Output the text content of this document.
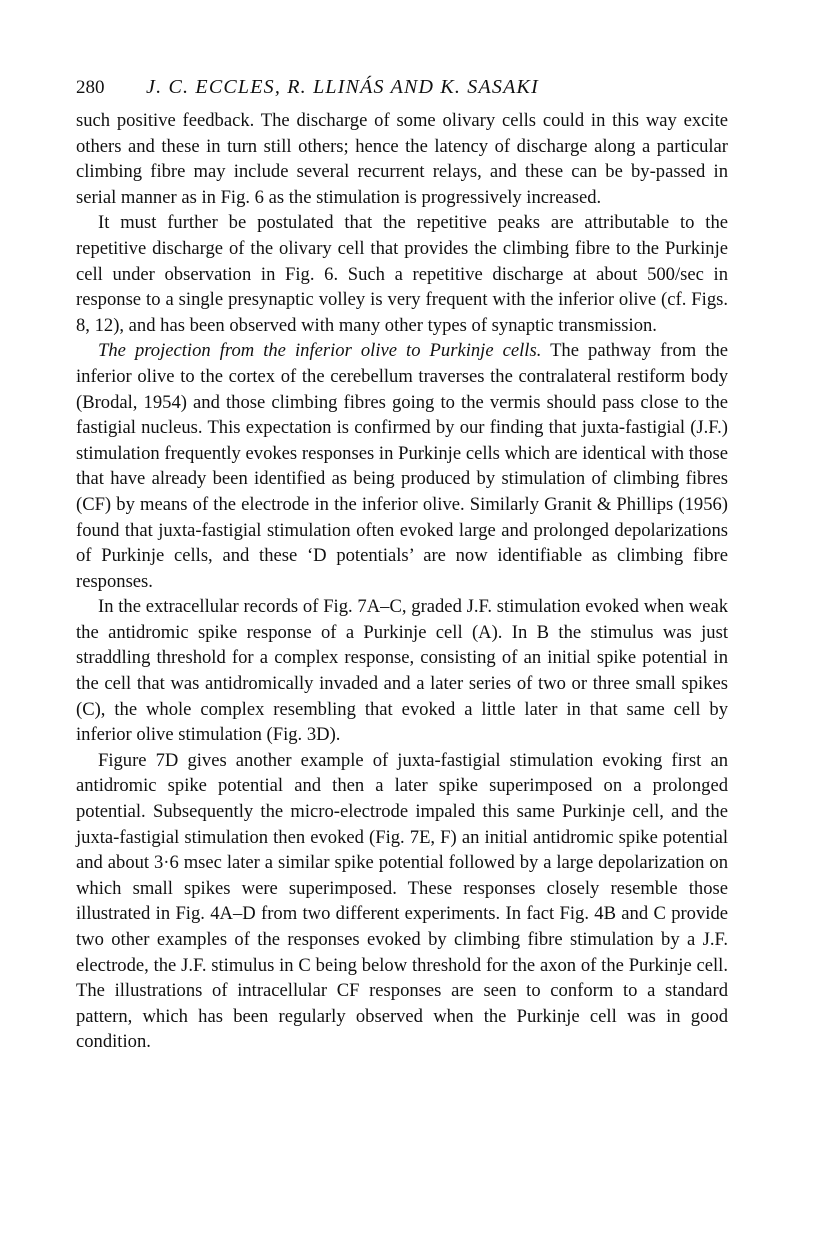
280	J. C. ECCLES, R. LLINÁS AND K. SASAKI

such positive feedback. The discharge of some olivary cells could in this way excite others and these in turn still others; hence the latency of discharge along a particular climbing fibre may include several recurrent relays, and these can be by-passed in serial manner as in Fig. 6 as the stimulation is progressively increased.

It must further be postulated that the repetitive peaks are attributable to the repetitive discharge of the olivary cell that provides the climbing fibre to the Purkinje cell under observation in Fig. 6. Such a repetitive discharge at about 500/sec in response to a single presynaptic volley is very frequent with the inferior olive (cf. Figs. 8, 12), and has been observed with many other types of synaptic transmission.

The projection from the inferior olive to Purkinje cells. The pathway from the inferior olive to the cortex of the cerebellum traverses the contralateral restiform body (Brodal, 1954) and those climbing fibres going to the vermis should pass close to the fastigial nucleus. This expectation is confirmed by our finding that juxta-fastigial (J.F.) stimulation frequently evokes responses in Purkinje cells which are identical with those that have already been identified as being produced by stimulation of climbing fibres (CF) by means of the electrode in the inferior olive. Similarly Granit & Phillips (1956) found that juxta-fastigial stimulation often evoked large and prolonged depolarizations of Purkinje cells, and these ‘D potentials’ are now identifiable as climbing fibre responses.

In the extracellular records of Fig. 7A–C, graded J.F. stimulation evoked when weak the antidromic spike response of a Purkinje cell (A). In B the stimulus was just straddling threshold for a complex response, consisting of an initial spike potential in the cell that was antidromically invaded and a later series of two or three small spikes (C), the whole complex resembling that evoked a little later in that same cell by inferior olive stimulation (Fig. 3D).

Figure 7D gives another example of juxta-fastigial stimulation evoking first an antidromic spike potential and then a later spike superimposed on a prolonged potential. Subsequently the micro-electrode impaled this same Purkinje cell, and the juxta-fastigial stimulation then evoked (Fig. 7E, F) an initial antidromic spike potential and about 3·6 msec later a similar spike potential followed by a large depolarization on which small spikes were superimposed. These responses closely resemble those illustrated in Fig. 4A–D from two different experiments. In fact Fig. 4B and C provide two other examples of the responses evoked by climbing fibre stimulation by a J.F. electrode, the J.F. stimulus in C being below threshold for the axon of the Purkinje cell. The illustrations of intracellular CF responses are seen to conform to a standard pattern, which has been regularly observed when the Purkinje cell was in good condition.
